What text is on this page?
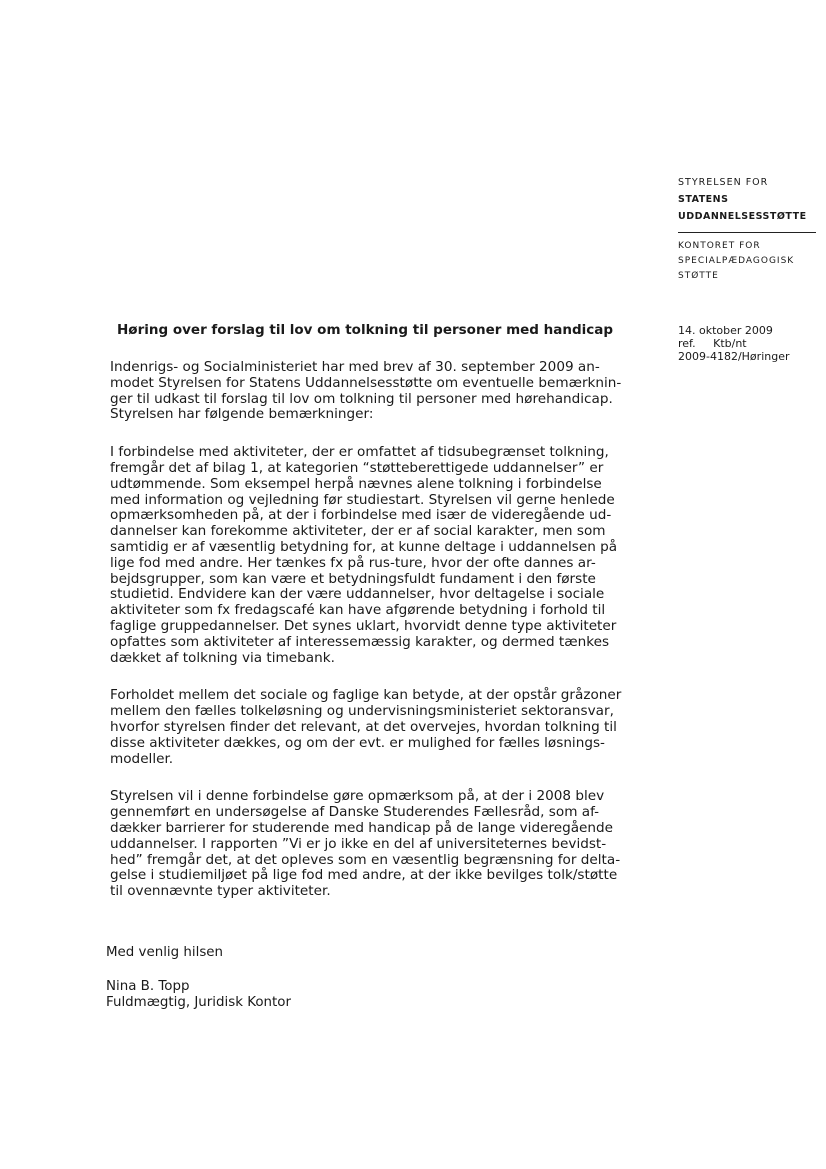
STYRELSEN FOR
STATENS
UDDANNELSESSTØTTE
KONTORET FOR
SPECIALPÆDAGOGISK
STØTTE
14. oktober 2009
ref.     Ktb/nt
2009-4182/Høringer
Høring over forslag til lov om tolkning til personer med handicap

Indenrigs- og Socialministeriet har med brev af 30. september 2009 an-
modet Styrelsen for Statens Uddannelsesstøtte om eventuelle bemærknin-
ger til udkast til forslag til lov om tolkning til personer med hørehandicap.
Styrelsen har følgende bemærkninger:

I forbindelse med aktiviteter, der er omfattet af tidsubegrænset tolkning,
fremgår det af bilag 1, at kategorien “støtteberettigede uddannelser” er
udtømmende. Som eksempel herpå nævnes alene tolkning i forbindelse
med information og vejledning før studiestart. Styrelsen vil gerne henlede
opmærksomheden på, at der i forbindelse med især de videregående ud-
dannelser kan forekomme aktiviteter, der er af social karakter, men som
samtidig er af væsentlig betydning for, at kunne deltage i uddannelsen på
lige fod med andre. Her tænkes fx på rus-ture, hvor der ofte dannes ar-
bejdsgrupper, som kan være et betydningsfuldt fundament i den første
studietid. Endvidere kan der være uddannelser, hvor deltagelse i sociale
aktiviteter som fx fredagscafé kan have afgørende betydning i forhold til
faglige gruppedannelser. Det synes uklart, hvorvidt denne type aktiviteter
opfattes som aktiviteter af interessemæssig karakter, og dermed tænkes
dækket af tolkning via timebank.

Forholdet mellem det sociale og faglige kan betyde, at der opstår gråzoner
mellem den fælles tolkeløsning og undervisningsministeriet sektoransvar,
hvorfor styrelsen finder det relevant, at det overvejes, hvordan tolkning til
disse aktiviteter dækkes, og om der evt. er mulighed for fælles løsnings-
modeller.

Styrelsen vil i denne forbindelse gøre opmærksom på, at der i 2008 blev
gennemført en undersøgelse af Danske Studerendes Fællesråd, som af-
dækker barrierer for studerende med handicap på de lange videregående
uddannelser. I rapporten ”Vi er jo ikke en del af universiteternes bevidst-
hed” fremgår det, at det opleves som en væsentlig begrænsning for delta-
gelse i studiemiljøet på lige fod med andre, at der ikke bevilges tolk/støtte
til ovennævnte typer aktiviteter.

Med venlig hilsen
Nina B. Topp
Fuldmægtig, Juridisk Kontor
